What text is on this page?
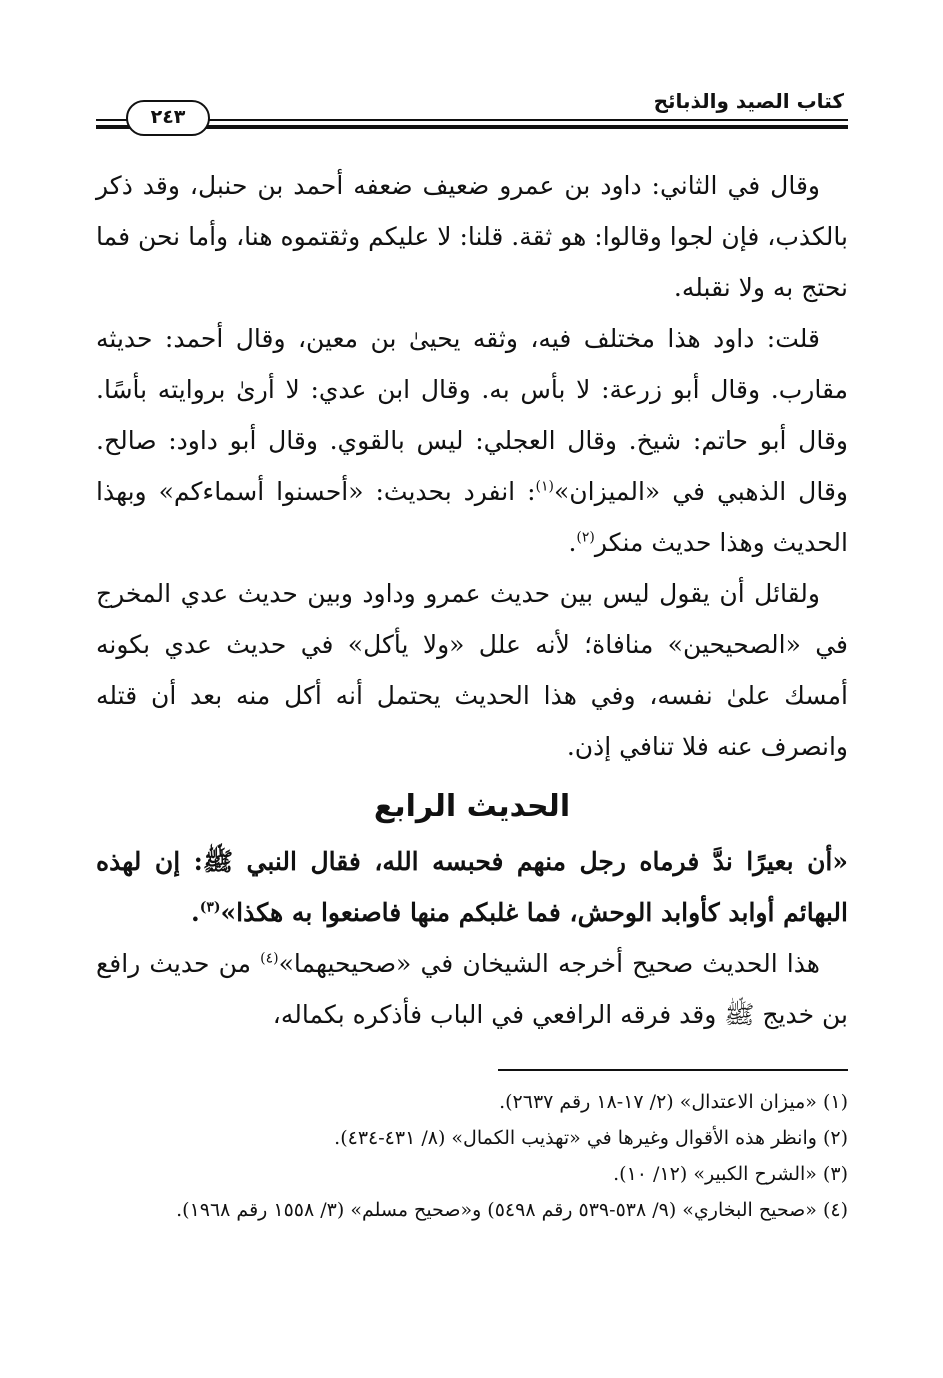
كتاب الصيد والذبائح
٢٤٣

وقال في الثاني: داود بن عمرو ضعيف ضعفه أحمد بن حنبل، وقد ذكر بالكذب، فإن لجوا وقالوا: هو ثقة. قلنا: لا عليكم وثقتموه هنا، وأما نحن فما نحتج به ولا نقبله.

قلت: داود هذا مختلف فيه، وثقه يحيىٰ بن معين، وقال أحمد: حديثه مقارب. وقال أبو زرعة: لا بأس به. وقال ابن عدي: لا أرىٰ بروايته بأسًا. وقال أبو حاتم: شيخ. وقال العجلي: ليس بالقوي. وقال أبو داود: صالح. وقال الذهبي في «الميزان»$^{(١)}$: انفرد بحديث: «أحسنوا أسماءكم» وبهذا الحديث وهذا حديث منكر$^{(٢)}$.

ولقائل أن يقول ليس بين حديث عمرو وداود وبين حديث عدي المخرج في «الصحيحين» منافاة؛ لأنه علل «ولا يأكل» في حديث عدي بكونه أمسك علىٰ نفسه، وفي هذا الحديث يحتمل أنه أكل منه بعد أن قتله وانصرف عنه فلا تنافي إذن.

الحديث الرابع

«أن بعيرًا ندَّ فرماه رجل منهم فحبسه الله، فقال النبي ﷺ: إن لهذه البهائم أوابد كأوابد الوحش، فما غلبكم منها فاصنعوا به هكذا»$^{(٣)}$.

هذا الحديث صحيح أخرجه الشيخان في «صحيحيهما»$^{(٤)}$ من حديث رافع بن خديج ﷺ وقد فرقه الرافعي في الباب فأذكره بكماله،

(١) «ميزان الاعتدال» (٢/ ١٧-١٨ رقم ٢٦٣٧).

(٢) وانظر هذه الأقوال وغيرها في «تهذيب الكمال» (٨/ ٤٣١-٤٣٤).

(٣) «الشرح الكبير» (١٢/ ١٠).

(٤) «صحيح البخاري» (٩/ ٥٣٨-٥٣٩ رقم ٥٤٩٨) و«صحيح مسلم» (٣/ ١٥٥٨ رقم ١٩٦٨).
